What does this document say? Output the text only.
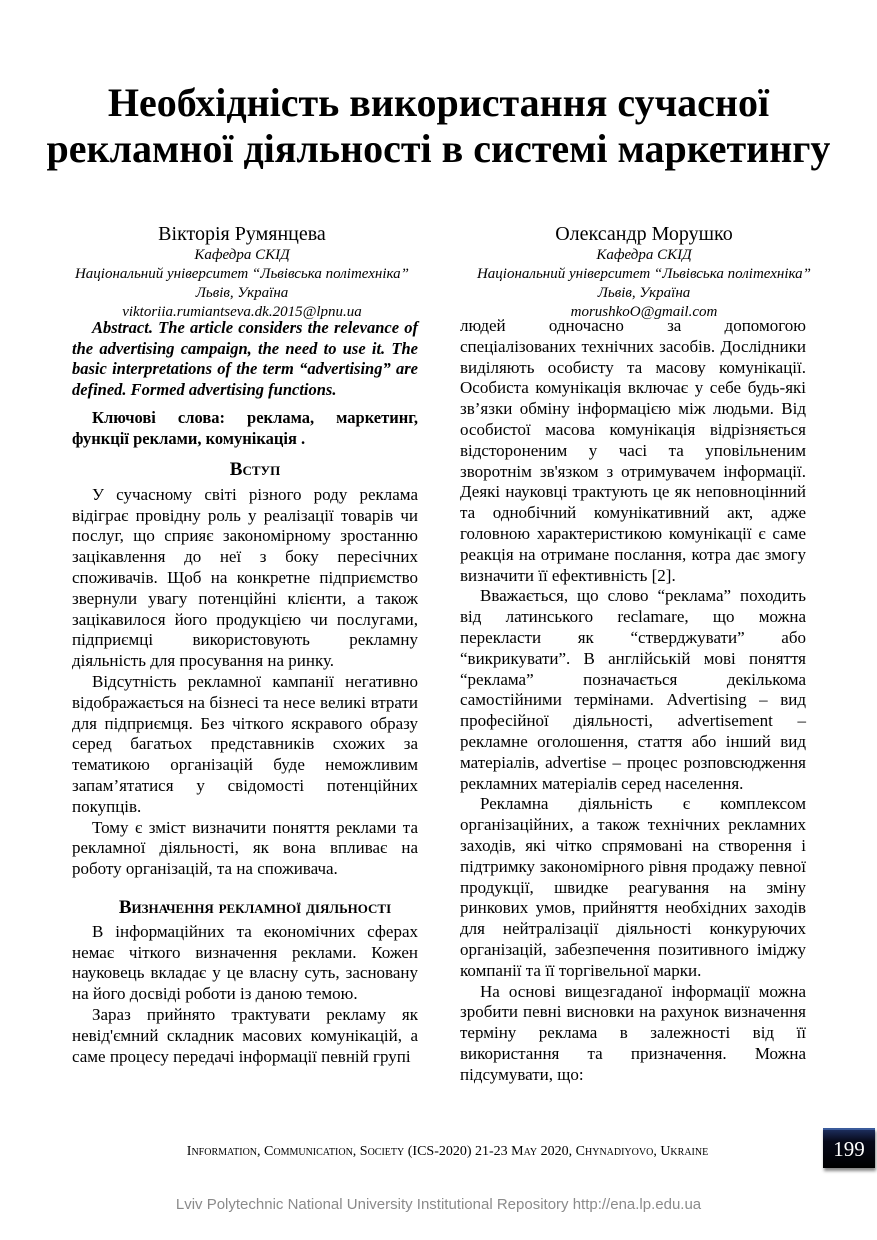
Необхідність використання сучасної
рекламної діяльності в системі маркетингу
Вікторія Румянцева
Кафедра СКІД
Національний університет “Львівська політехніка”
Львів, Україна
viktoriia.rumiantseva.dk.2015@lpnu.ua
Олександр Морушко
Кафедра СКІД
Національний університет “Львівська політехніка”
Львів, Україна
morushkoO@gmail.com
Abstract. The article considers the relevance of the advertising campaign, the need to use it. The basic interpretations of the term “advertising” are defined. Formed advertising functions.
Ключові слова: реклама, маркетинг, функції реклами, комунікація .

Вступ

У сучасному світі різного роду реклама відіграє провідну роль у реалізації товарів чи послуг, що сприяє закономірному зростанню зацікавлення до неї з боку пересічних споживачів. Щоб на конкретне підприємство звернули увагу потенційні клієнти, а також зацікавилося його продукцією чи послугами, підприємці використовують рекламну діяльність для просування на ринку.

Відсутність рекламної кампанії негативно відображається на бізнесі та несе великі втрати для підприємця. Без чіткого яскравого образу серед багатьох представників схожих за тематикою організацій буде неможливим запам’ятатися у свідомості потенційних покупців.

Тому є зміст визначити поняття реклами та рекламної діяльності, як вона впливає на роботу організацій, та на споживача.

Визначення рекламної діяльності

В інформаційних та економічних сферах немає чіткого визначення реклами. Кожен науковець вкладає у це власну суть, засновану на його досвіді роботи із даною темою.

Зараз прийнято трактувати рекламу як невід'ємний складник масових комунікацій, а саме процесу передачі інформації певній групі

людей одночасно за допомогою спеціалізованих технічних засобів. Дослідники виділяють особисту та масову комунікації. Особиста комунікація включає у себе будь-які зв’язки обміну інформацією між людьми. Від особистої масова комунікація відрізняється відстороненим у часі та уповільненим зворотнім зв'язком з отримувачем інформації. Деякі науковці трактують це як неповноцінний та однобічний комунікативний акт, адже головною характеристикою комунікації є саме реакція на отримане послання, котра дає змогу визначити її ефективність [2].

Вважається, що слово “реклама” походить від латинського reclamare, що можна перекласти як “стверджувати” або “викрикувати”. В англійській мові поняття “реклама” позначається декількома самостійними термінами. Advertising – вид професійної діяльності, advertisement – рекламне оголошення, стаття або інший вид матеріалів, advertise – процес розповсюдження рекламних матеріалів серед населення.

Рекламна діяльність є комплексом організаційних, а також технічних рекламних заходів, які чітко спрямовані на створення і підтримку закономірного рівня продажу певної продукції, швидке реагування на зміну ринкових умов, прийняття необхідних заходів для нейтралізації діяльності конкуруючих організацій, забезпечення позитивного іміджу компанії та її торгівельної марки.

На основі вищезгаданої інформації можна зробити певні висновки на рахунок визначення терміну реклама в залежності від її використання та призначення. Можна підсумувати, що:

Information, Communication, Society (ICS-2020) 21-23 May 2020, Chynadiyovo, Ukraine	199
Lviv Polytechnic National University Institutional Repository http://ena.lp.edu.ua
